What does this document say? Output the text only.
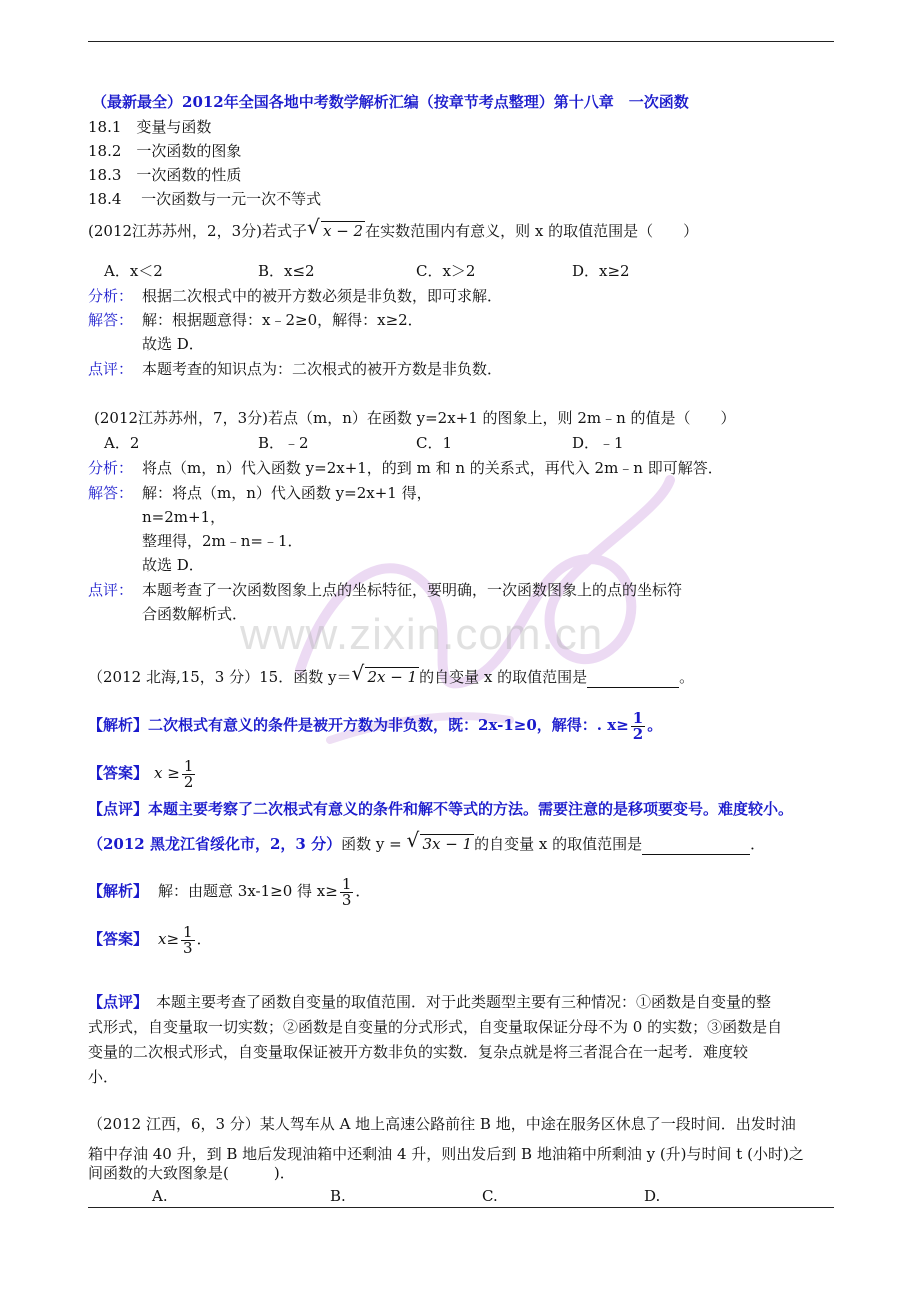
www.zixin.com.cn
（最新最全）2012年全国各地中考数学解析汇编（按章节考点整理）第十八章　一次函数
18.1　变量与函数
18.2　一次函数的图象
18.3　一次函数的性质
18.4　 一次函数与一元一次不等式
(2012江苏苏州，2，3分)若式子 √ x − 2 在实数范围内有意义，则 x 的取值范围是（　　）
A．x＜2	B．x≤2	C．x＞2	D．x≥2
分析： 根据二次根式中的被开方数必须是非负数，即可求解．
解答： 解：根据题意得：x﹣2≥0，解得：x≥2．
故选 D．
点评： 本题考查的知识点为：二次根式的被开方数是非负数．
(2012江苏苏州，7，3分)若点（m，n）在函数 y=2x+1 的图象上，则 2m﹣n 的值是（　　）
A．2	B．﹣2	C．1	D．﹣1
分析： 将点（m，n）代入函数 y=2x+1，的到 m 和 n 的关系式，再代入 2m﹣n 即可解答．
解答： 解：将点（m，n）代入函数 y=2x+1 得，
n=2m+1，
整理得，2m﹣n=﹣1．
故选 D．
点评： 本题考查了一次函数图象上点的坐标特征，要明确，一次函数图象上的点的坐标符
合函数解析式．
（2012 北海,15，3 分）15．函数 y＝ √ 2x − 1 的自变量 x 的取值范围是	。
【解析】二次根式有意义的条件是被开方数为非负数，既：2x-1≥0，解得：. $x\ge \frac{1}{2}$ 。
【答案】 $x \ge \frac{1}{2}$
【点评】本题主要考察了二次根式有意义的条件和解不等式的方法。需要注意的是移项要变号。难度较小。
（2012 黑龙江省绥化市，2，3 分）函数 y = √ 3x − 1 的自变量 x 的取值范围是	．
【解析】 解：由题意 3x-1≥0 得 $x\ge \frac{1}{3}$ ．
【答案】 $x\ge \frac{1}{3}$ ．
【点评】 本题主要考查了函数自变量的取值范围．对于此类题型主要有三种情况：①函数是自变量的整
式形式，自变量取一切实数；②函数是自变量的分式形式，自变量取保证分母不为 0 的实数；③函数是自
变量的二次根式形式，自变量取保证被开方数非负的实数．复杂点就是将三者混合在一起考．难度较
小．
（2012 江西，6，3 分）某人驾车从 A 地上高速公路前往 B 地，中途在服务区休息了一段时间．出发时油
箱中存油 40 升，到 B 地后发现油箱中还剩油 4 升，则出发后到 B 地油箱中所剩油 y (升)与时间 t (小时)之
间函数的大致图象是(　　　)．
A.	B.	C.	D.
